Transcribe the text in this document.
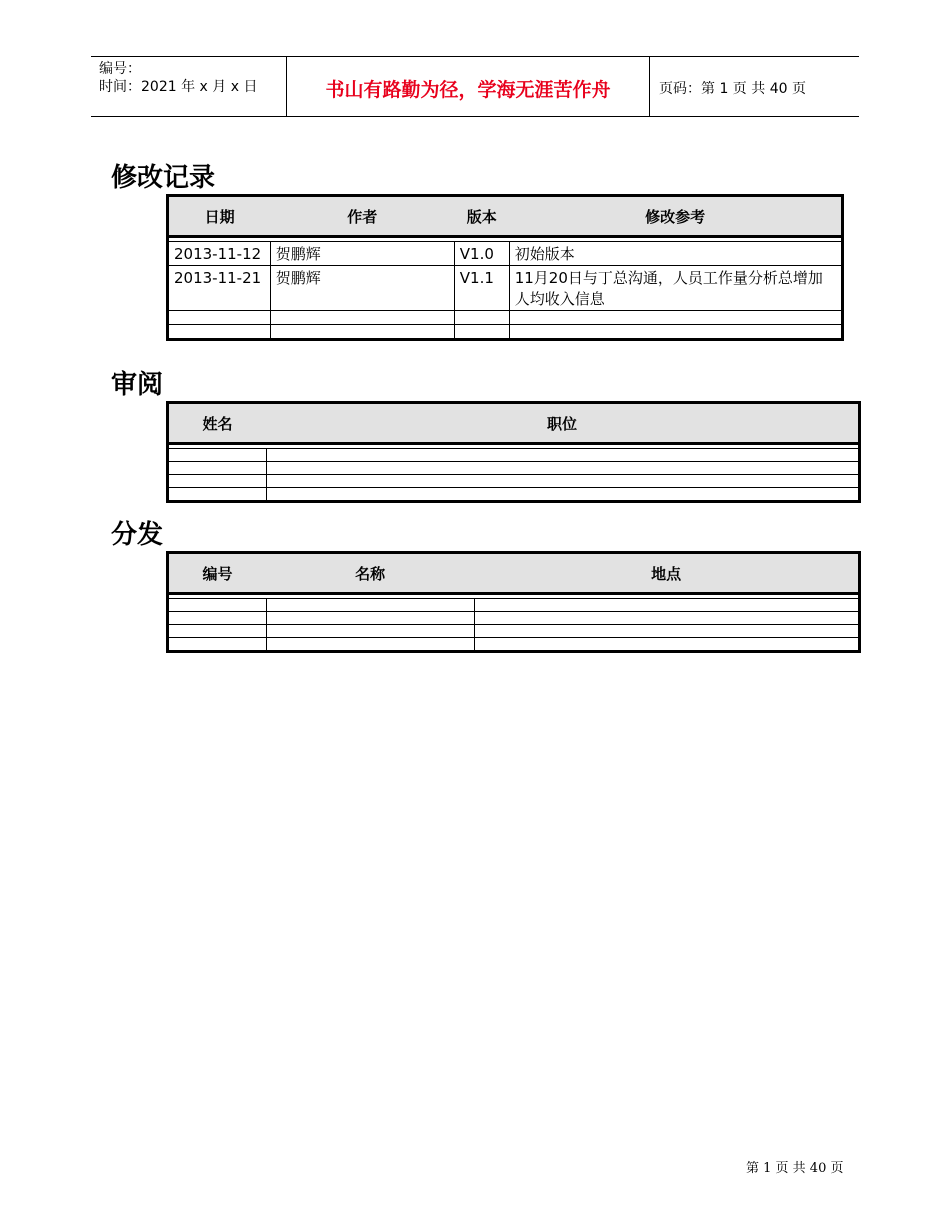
编号：
时间：2021 年 x 月 x 日	书山有路勤为径，学海无涯苦作舟	页码：第 1 页 共 40 页
修改记录
日期	作者	版本	修改参考

2013-11-12	贺鹏辉	V1.0	初始版本
2013-11-21	贺鹏辉	V1.1	11月20日与丁总沟通，人员工作量分析总增加人均收入信息

审阅
姓名	职位

分发
编号	名称	地点

第 1 页 共 40 页
